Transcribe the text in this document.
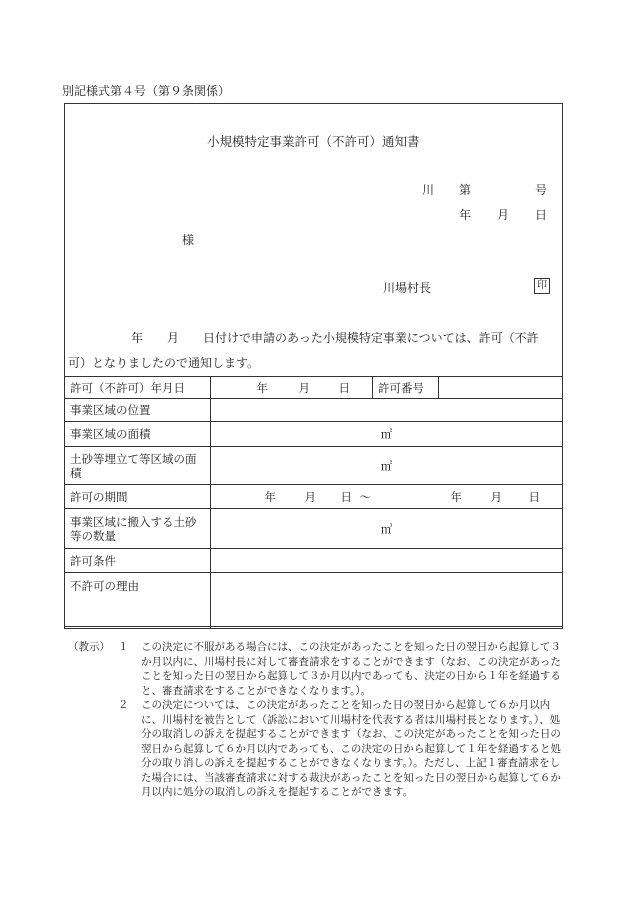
別記様式第４号（第９条関係）
小規模特定事業許可（不許可）通知書
川 第	号
年 月 日
様
川場村長	印
年　　月　　日付けで申請のあった小規模特定事業については、許可（不許
可）となりましたので通知します。
許可（不許可）年月日	年 月 日	許可番号	
事業区域の位置			
事業区域の面積	㎡		
土砂等埋立て等区域の面積	㎡		
許可の期間	年 月 日 ～ 年 月 日		
事業区域に搬入する土砂等の数量	㎥		
許可条件			
不許可の理由			
（教示） １ この決定に不服がある場合には、この決定があったことを知った日の翌日から起算して３か月以内に、川場村長に対して審査請求をすることができます（なお、この決定があったことを知った日の翌日から起算して３か月以内であっても、決定の日から１年を経過すると、審査請求をすることができなくなります。）。
２ この決定については、この決定があったことを知った日の翌日から起算して６か月以内に、川場村を被告として（訴訟において川場村を代表する者は川場村長となります。）、処分の取消しの訴えを提起することができます（なお、この決定があったことを知った日の翌日から起算して６か月以内であっても、この決定の日から起算して１年を経過すると処分の取り消しの訴えを提起することができなくなります。）。ただし、上記１審査請求をした場合には、当該審査請求に対する裁決があったことを知った日の翌日から起算して６か月以内に処分の取消しの訴えを提起することができます。
